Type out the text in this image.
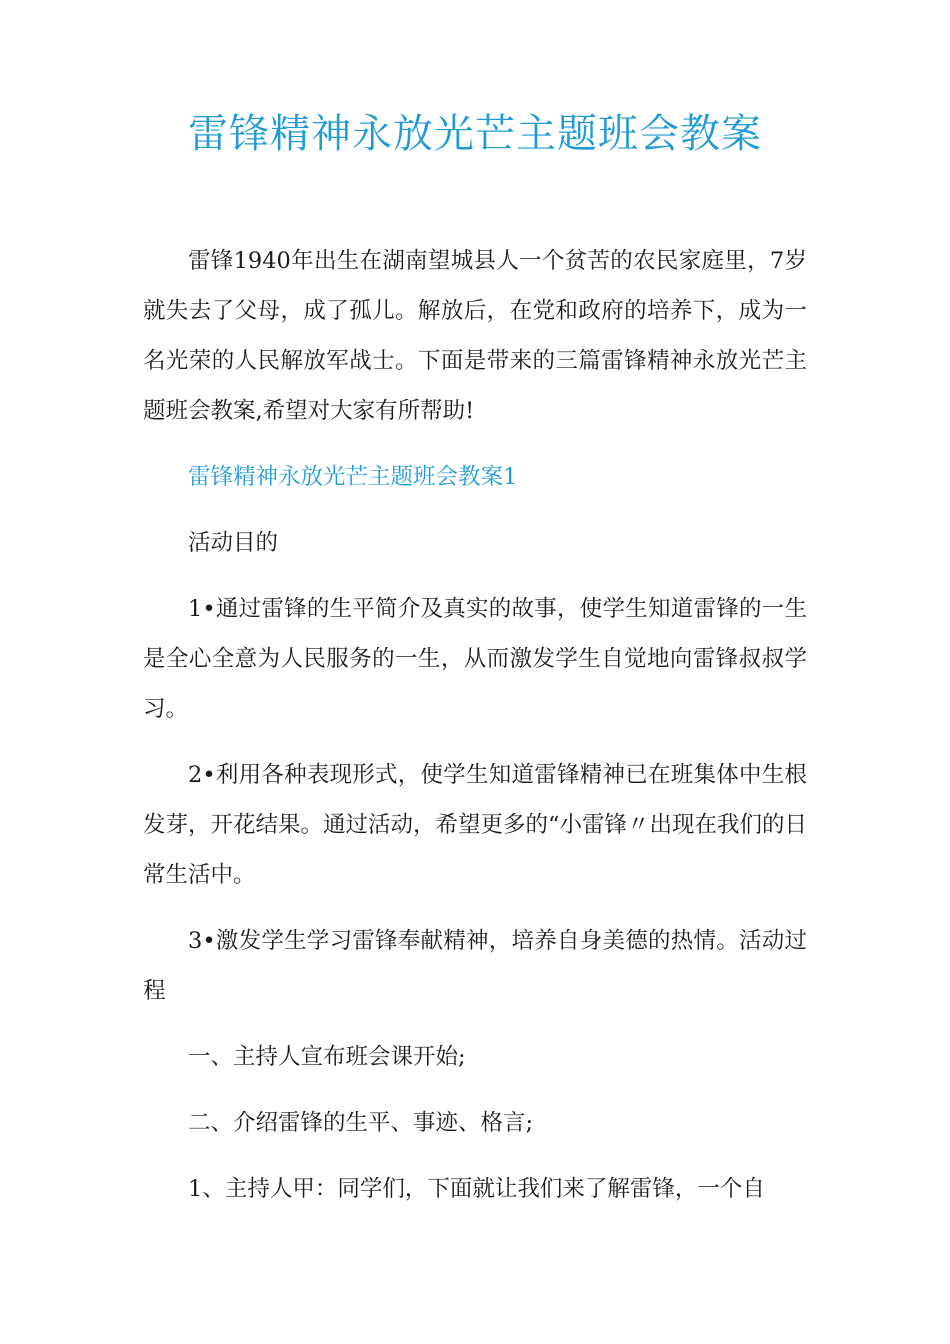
雷锋精神永放光芒主题班会教案

雷锋1940年出生在湖南望城县人一个贫苦的农民家庭里，7岁就失去了父母，成了孤儿。解放后，在党和政府的培养下，成为一名光荣的人民解放军战士。下面是带来的三篇雷锋精神永放光芒主题班会教案,希望对大家有所帮助!

雷锋精神永放光芒主题班会教案1

活动目的

1•通过雷锋的生平简介及真实的故事，使学生知道雷锋的一生是全心全意为人民服务的一生，从而激发学生自觉地向雷锋叔叔学习。

2•利用各种表现形式，使学生知道雷锋精神已在班集体中生根发芽，开花结果。通过活动，希望更多的“小雷锋〃出现在我们的日常生活中。

3•激发学生学习雷锋奉献精神，培养自身美德的热情。活动过程

一、主持人宣布班会课开始;

二、介绍雷锋的生平、事迹、格言;

1、主持人甲：同学们，下面就让我们来了解雷锋，一个自
